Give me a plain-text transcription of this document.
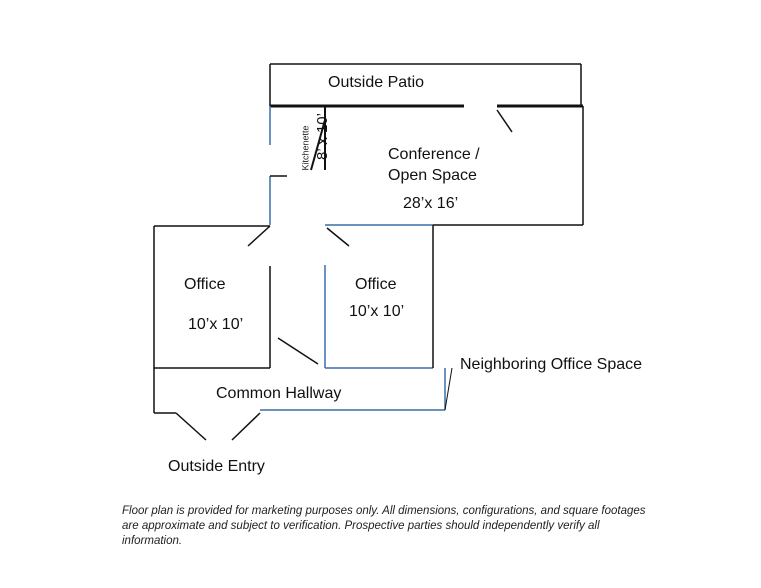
Outside Patio
Kitchenette 8’ x 10’	Conference /
Open Space
28’x 16’
Office
10’x 10’
Office
10’x 10’
Neighboring Office Space
Common Hallway
Outside Entry
Floor plan is provided for marketing purposes only. All dimensions, configurations, and square footages are approximate and subject to verification. Prospective parties should independently verify all information.
